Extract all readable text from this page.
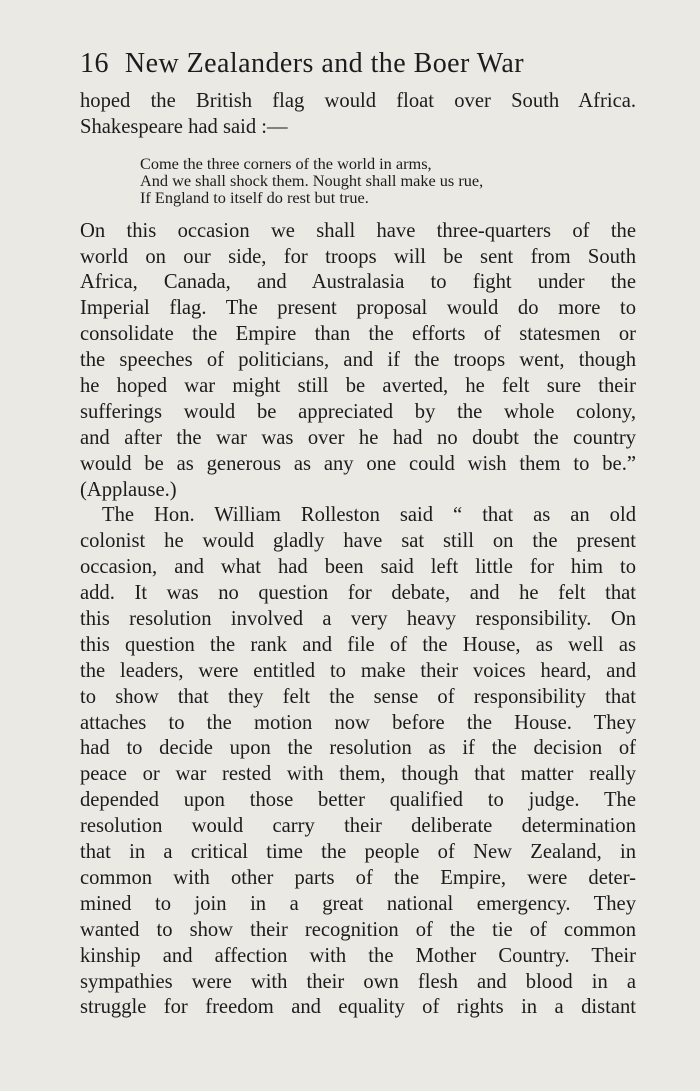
16 New Zealanders and the Boer War
hoped the British flag would float over South Africa.
Shakespeare had said :—
Come the three corners of the world in arms,
And we shall shock them. Nought shall make us rue,
If England to itself do rest but true.
On this occasion we shall have three-quarters of the
world on our side, for troops will be sent from South
Africa, Canada, and Australasia to fight under the
Imperial flag. The present proposal would do more to
consolidate the Empire than the efforts of statesmen or
the speeches of politicians, and if the troops went, though
he hoped war might still be averted, he felt sure their
sufferings would be appreciated by the whole colony,
and after the war was over he had no doubt the country
would be as generous as any one could wish them to be.”
(Applause.)
The Hon. William Rolleston said “ that as an old
colonist he would gladly have sat still on the present
occasion, and what had been said left little for him to
add. It was no question for debate, and he felt that
this resolution involved a very heavy responsibility. On
this question the rank and file of the House, as well as
the leaders, were entitled to make their voices heard, and
to show that they felt the sense of responsibility that
attaches to the motion now before the House. They
had to decide upon the resolution as if the decision of
peace or war rested with them, though that matter really
depended upon those better qualified to judge. The
resolution would carry their deliberate determination
that in a critical time the people of New Zealand, in
common with other parts of the Empire, were deter-
mined to join in a great national emergency. They
wanted to show their recognition of the tie of common
kinship and affection with the Mother Country. Their
sympathies were with their own flesh and blood in a
struggle for freedom and equality of rights in a distant
